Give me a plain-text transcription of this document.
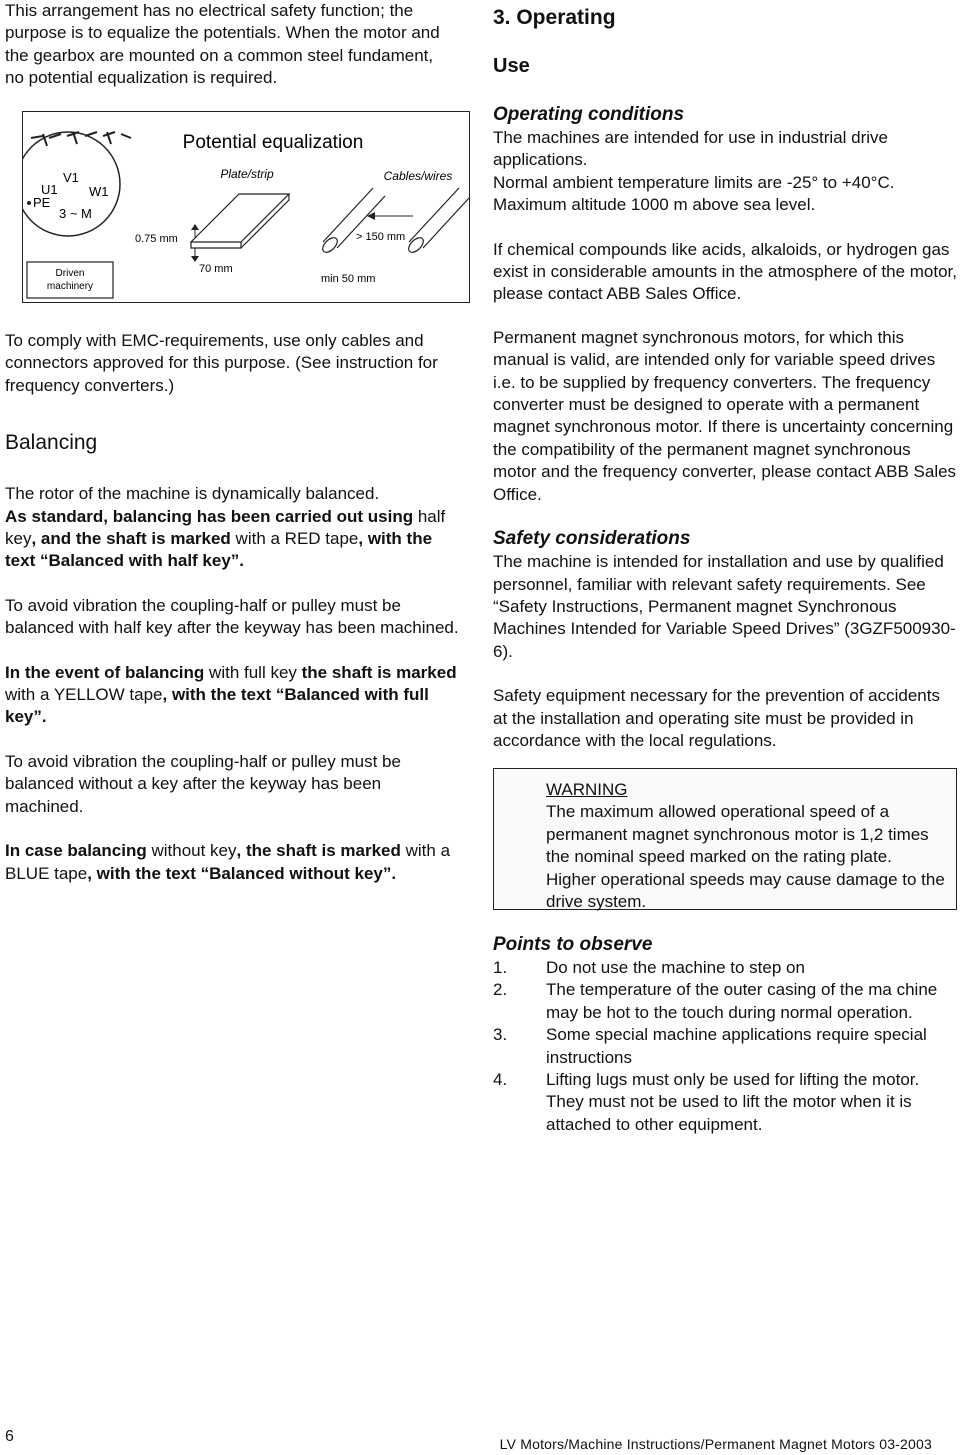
This arrangement has no electrical safety function; the purpose is to equalize the potentials. When the motor and the gearbox are mounted on a common steel fundament, no potential equalization is required.

V1
U1 W1
PE
3 ~ M
Driven
machinery
Potential equalization
Plate/strip	Cables/wires
0.75 mm
70 mm
> 150 mm
min 50 mm

To comply with EMC-requirements, use only cables and connectors approved for this purpose. (See instruction for frequency converters.)

Balancing

The rotor of the machine is dynamically balanced.

As standard, balancing has been carried out using half key, and the shaft is marked with a RED tape, with the text “Balanced with half key”.

To avoid vibration the coupling-half or pulley must be balanced with half key after the keyway has been machined.

In the event of balancing with full key the shaft is marked with a YELLOW tape, with the text “Balanced with full key”.

To avoid vibration the coupling-half or pulley must be balanced without a key after the keyway has been machined.

In case balancing without key, the shaft is marked with a BLUE tape, with the text “Balanced without key”.

3. Operating

Use

Operating conditions

The machines are intended for use in industrial drive applications.

Normal ambient temperature limits are -25° to +40°C.

Maximum altitude 1000 m above sea level.

If chemical compounds like acids, alkaloids, or hydrogen gas exist in considerable amounts in the atmosphere of the motor, please contact ABB Sales Office.

Permanent magnet synchronous motors, for which this manual is valid, are intended only for variable speed drives i.e. to be supplied by frequency converters. The frequency converter must be designed to operate with a permanent magnet synchronous motor. If there is uncertainty concerning the compatibility of the permanent magnet synchronous motor and the frequency converter, please contact ABB Sales Office.

Safety considerations

The machine is intended for installation and use by qualified personnel, familiar with relevant safety requirements. See “Safety Instructions, Permanent magnet Synchronous Machines Intended for Variable Speed Drives” (3GZF500930-6).

Safety equipment necessary for the prevention of accidents at the installation and operating site must be provided in accordance with the local regulations.

WARNING

The maximum allowed operational speed of a permanent magnet synchronous motor is 1,2 times the nominal speed marked on the rating plate. Higher operational speeds may cause damage to the drive system.

Points to observe

1. Do not use the machine to step on
2. The temperature of the outer casing of the ma chine may be hot to the touch during normal operation.
3. Some special machine applications require special instructions
4. Lifting lugs must only be used for lifting the motor. They must not be used to lift the motor when it is attached to other equipment.
6	LV Motors/Machine Instructions/Permanent Magnet Motors 03-2003
